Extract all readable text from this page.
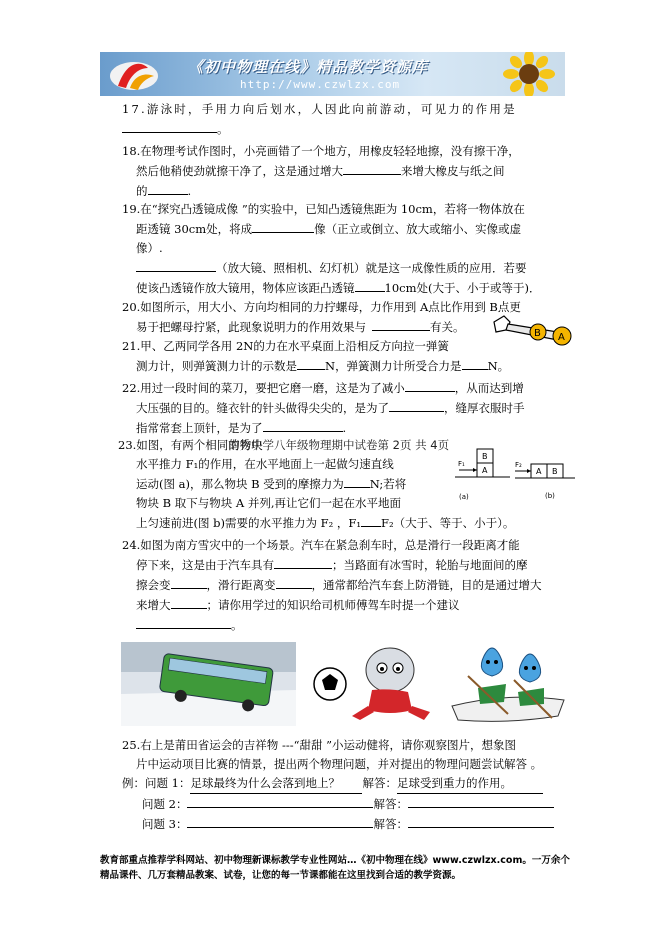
《初中物理在线》精品教学资源库
http://www.czwlzx.com
17.游泳时，手用力向后划水，人因此向前游动，可见力的作用是
。
18.在物理考试作图时，小亮画错了一个地方，用橡皮轻轻地擦，没有擦干净，
然后他稍使劲就擦干净了，这是通过增大	来增大橡皮与纸之间
的	.
19.在“探究凸透镜成像 ”的实验中，已知凸透镜焦距为 10cm，若将一物体放在
距透镜 30cm处，将成	像（正立或倒立、放大或缩小、实像或虚
像）.
（放大镜、照相机、幻灯机）就是这一成像性质的应用．若要
使该凸透镜作放大镜用，物体应该距凸透镜	10cm处(大于、小于或等于)．
20.如图所示，用大小、方向均相同的力拧螺母，力作用到 A点比作用到 B点更
易于把螺母拧紧，此现象说明力的作用效果与	有关。	B A
21.甲、乙两同学各用 2N的力在水平桌面上沿相反方向拉一弹簧
测力计，则弹簧测力计的示数是 N，弹簧测力计所受合力是 N。
22.用过一段时间的菜刀，要把它磨一磨，这是为了减小	，从而达到增
大压强的目的。缝衣针的针头做得尖尖的，是为了	，缝厚衣服时手
指常常套上顶针，是为了	.
23.如图，有两个相同的物块
水平推力 F₁的作用，在水平地面上一起做匀速直线
运动(图 a)，那么物块 B 受到的摩擦力为 N;若将
物块 B 取下与物块 A 并列,再让它们一起在水平地面
上匀速前进(图 b)需要的水平推力为 F₂ ，F₁ F₂（大于、等于、小于）。
南秀中学八年级物理期中试卷第 2页 共 4页
B
A
F₁
(a)
A B
F₂
(b)
24.如图为南方雪灾中的一个场景。汽车在紧急刹车时，总是滑行一段距离才能
停下来，这是由于汽车具有	；当路面有冰雪时，轮胎与地面间的摩
擦会变	，滑行距离变	，通常都给汽车套上防滑链，目的是通过增大
来增大	；请你用学过的知识给司机师傅驾车时提一个建议
。
25.右上是莆田省运会的吉祥物 ---“甜甜 ”小运动健将，请你观察图片，想象图
片中运动项目比赛的情景，提出两个物理问题，并对提出的物理问题尝试解答 。
例：问题 1：足球最终为什么会落到地上？ 解答：足球受到重力的作用。
问题 2：	解答：
问题 3：	解答：
教育部重点推荐学科网站、初中物理新课标教学专业性网站…《初中物理在线》www.czwlzx.com。一万余个精品课件、几万套精品教案、试卷，让您的每一节课都能在这里找到合适的教学资源。
